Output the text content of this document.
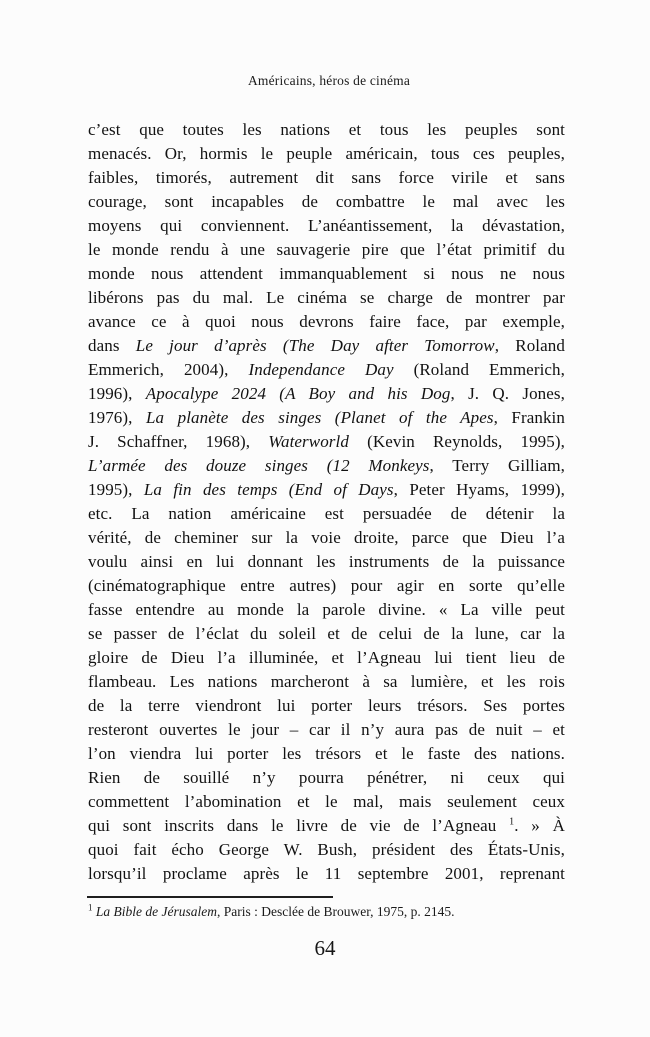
Américains, héros de cinéma
c’est que toutes les nations et tous les peuples sont
menacés. Or, hormis le peuple américain, tous ces peuples,
faibles, timorés, autrement dit sans force virile et sans
courage, sont incapables de combattre le mal avec les
moyens qui conviennent. L’anéantissement, la dévastation,
le monde rendu à une sauvagerie pire que l’état primitif du
monde nous attendent immanquablement si nous ne nous
libérons pas du mal. Le cinéma se charge de montrer par
avance ce à quoi nous devrons faire face, par exemple,
dans Le jour d’après (The Day after Tomorrow, Roland
Emmerich, 2004), Independance Day (Roland Emmerich,
1996), Apocalype 2024 (A Boy and his Dog, J. Q. Jones,
1976), La planète des singes (Planet of the Apes, Frankin
J. Schaffner, 1968), Waterworld (Kevin Reynolds, 1995),
L’armée des douze singes (12 Monkeys, Terry Gilliam,
1995), La fin des temps (End of Days, Peter Hyams, 1999),
etc. La nation américaine est persuadée de détenir la
vérité, de cheminer sur la voie droite, parce que Dieu l’a
voulu ainsi en lui donnant les instruments de la puissance
(cinématographique entre autres) pour agir en sorte qu’elle
fasse entendre au monde la parole divine. « La ville peut
se passer de l’éclat du soleil et de celui de la lune, car la
gloire de Dieu l’a illuminée, et l’Agneau lui tient lieu de
flambeau. Les nations marcheront à sa lumière, et les rois
de la terre viendront lui porter leurs trésors. Ses portes
resteront ouvertes le jour – car il n’y aura pas de nuit – et
l’on viendra lui porter les trésors et le faste des nations.
Rien de souillé n’y pourra pénétrer, ni ceux qui
commettent l’abomination et le mal, mais seulement ceux
qui sont inscrits dans le livre de vie de l’Agneau $^1$. » À
quoi fait écho George W. Bush, président des États-Unis,
lorsqu’il proclame après le 11 septembre 2001, reprenant
$^1$ La Bible de Jérusalem, Paris : Desclée de Brouwer, 1975, p. 2145.
64
